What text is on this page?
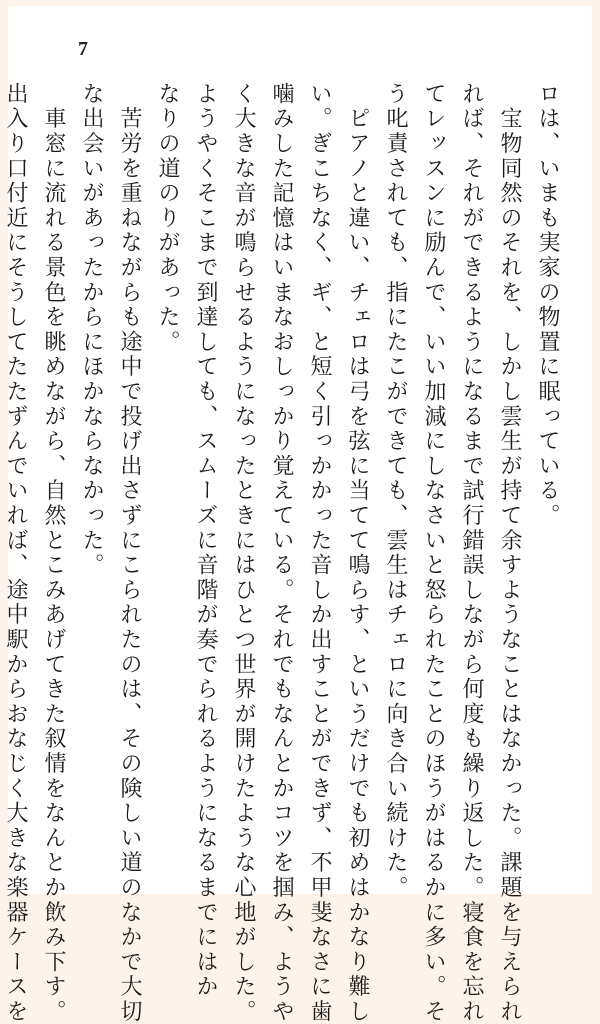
7
ロは、いまも実家の物置に眠っている。
　宝物同然のそれを、しかし雲生が持て余すようなことはなかった。課題を与えられ
れば、それができるようになるまで試行錯誤しながら何度も繰り返した。寝食を忘れ
てレッスンに励んで、いい加減にしなさいと怒られたことのほうがはるかに多い。そ
う叱責されても、指にたこができても、雲生はチェロに向き合い続けた。
　ピアノと違い、チェロは弓を弦に当てて鳴らす、というだけでも初めはかなり難し
い。ぎこちなく、ギ、と短く引っかかった音しか出すことができず、不甲斐なさに歯
噛みした記憶はいまなおしっかり覚えている。それでもなんとかコツを掴み、ようや
く大きな音が鳴らせるようになったときにはひとつ世界が開けたような心地がした。
ようやくそこまで到達しても、スムーズに音階が奏でられるようになるまでにはか
なりの道のりがあった。
　苦労を重ねながらも途中で投げ出さずにこられたのは、その険しい道のなかで大切
な出会いがあったからにほかならなかった。
　車窓に流れる景色を眺めながら、自然とこみあげてきた叙情をなんとか飲み下す。
出入り口付近にそうしてたたずんでいれば、途中駅からおなじく大きな楽器ケースを
